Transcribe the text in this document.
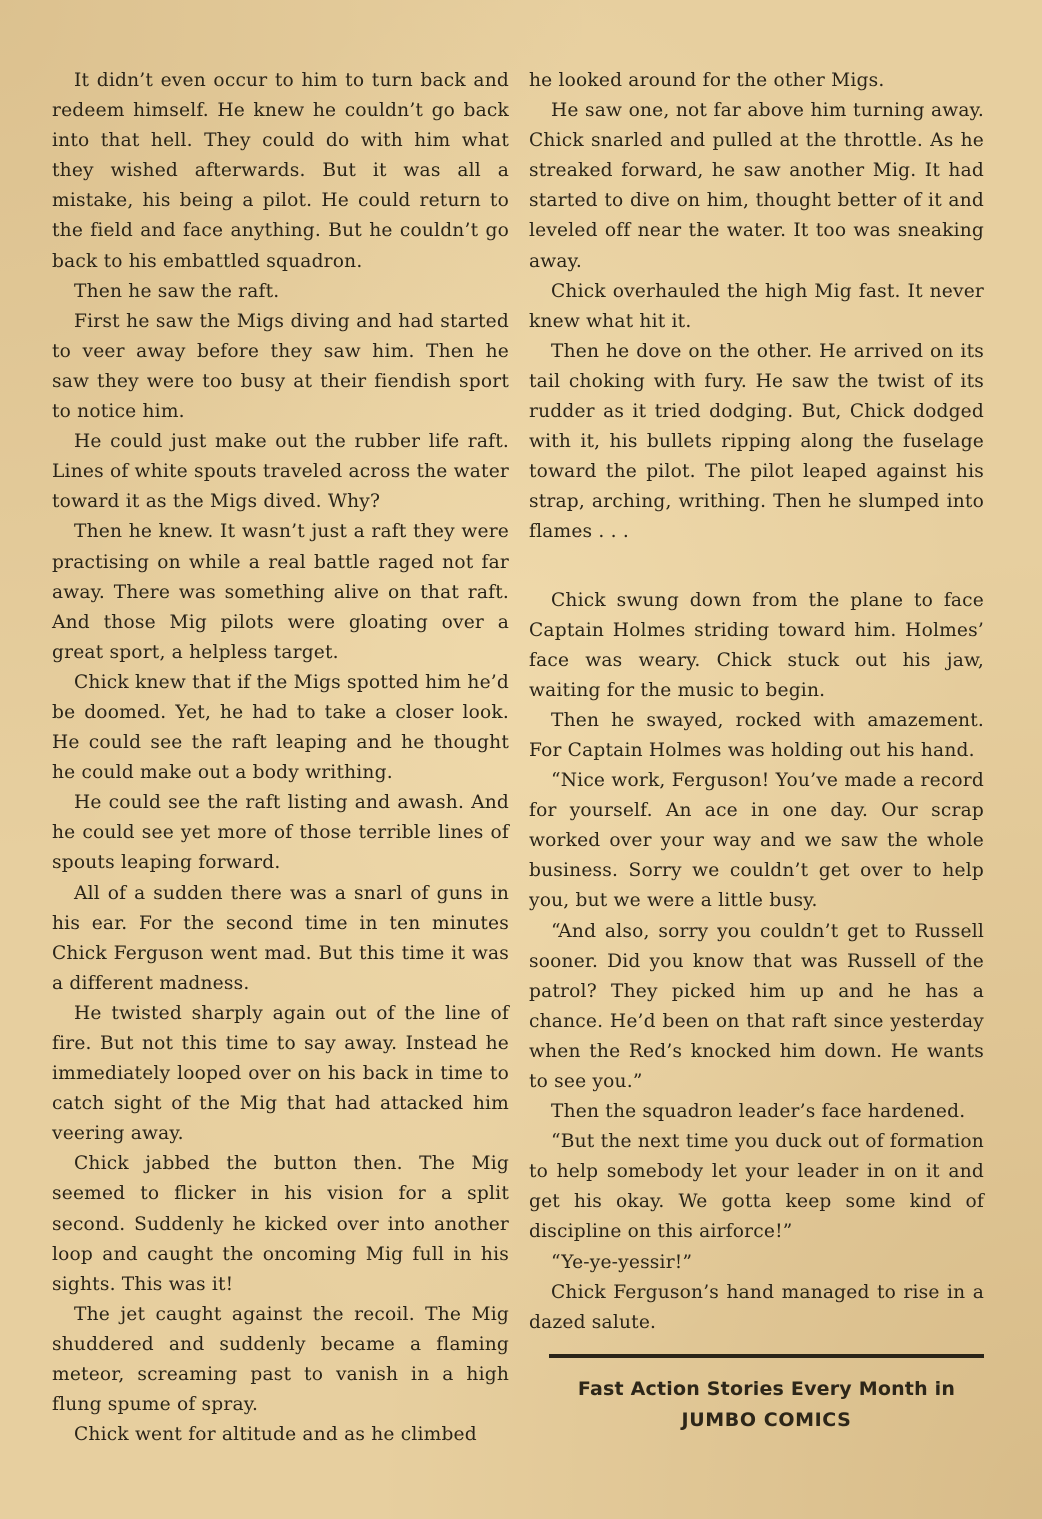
It didn’t even occur to him to turn back and redeem himself. He knew he couldn’t go back into that hell. They could do with him what they wished afterwards. But it was all a mistake, his being a pilot. He could return to the field and face anything. But he couldn’t go back to his embattled squadron.

Then he saw the raft.

First he saw the Migs diving and had started to veer away before they saw him. Then he saw they were too busy at their fiendish sport to notice him.

He could just make out the rubber life raft. Lines of white spouts traveled across the water toward it as the Migs dived. Why?

Then he knew. It wasn’t just a raft they were practising on while a real battle raged not far away. There was something alive on that raft. And those Mig pilots were gloating over a great sport, a helpless target.

Chick knew that if the Migs spotted him he’d be doomed. Yet, he had to take a closer look. He could see the raft leaping and he thought he could make out a body writhing.

He could see the raft listing and awash. And he could see yet more of those terrible lines of spouts leaping forward.

All of a sudden there was a snarl of guns in his ear. For the second time in ten minutes Chick Ferguson went mad. But this time it was a different madness.

He twisted sharply again out of the line of fire. But not this time to say away. Instead he immediately looped over on his back in time to catch sight of the Mig that had attacked him veering away.

Chick jabbed the button then. The Mig seemed to flicker in his vision for a split second. Suddenly he kicked over into another loop and caught the oncoming Mig full in his sights. This was it!

The jet caught against the recoil. The Mig shuddered and suddenly became a flaming meteor, screaming past to vanish in a high flung spume of spray.

Chick went for altitude and as he climbed

he looked around for the other Migs.

He saw one, not far above him turning away. Chick snarled and pulled at the throttle. As he streaked forward, he saw another Mig. It had started to dive on him, thought better of it and leveled off near the water. It too was sneaking away.

Chick overhauled the high Mig fast. It never knew what hit it.

Then he dove on the other. He arrived on its tail choking with fury. He saw the twist of its rudder as it tried dodging. But, Chick dodged with it, his bullets ripping along the fuselage toward the pilot. The pilot leaped against his strap, arching, writhing. Then he slumped into flames . . .

Chick swung down from the plane to face Captain Holmes striding toward him. Holmes’ face was weary. Chick stuck out his jaw, waiting for the music to begin.

Then he swayed, rocked with amazement. For Captain Holmes was holding out his hand.

“Nice work, Ferguson! You’ve made a record for yourself. An ace in one day. Our scrap worked over your way and we saw the whole business. Sorry we couldn’t get over to help you, but we were a little busy.

“And also, sorry you couldn’t get to Russell sooner. Did you know that was Russell of the patrol? They picked him up and he has a chance. He’d been on that raft since yesterday when the Red’s knocked him down. He wants to see you.”

Then the squadron leader’s face hardened.

“But the next time you duck out of formation to help somebody let your leader in on it and get his okay. We gotta keep some kind of discipline on this airforce!”

“Ye-ye-yessir!”

Chick Ferguson’s hand managed to rise in a dazed salute.

Fast Action Stories Every Month in
JUMBO COMICS
